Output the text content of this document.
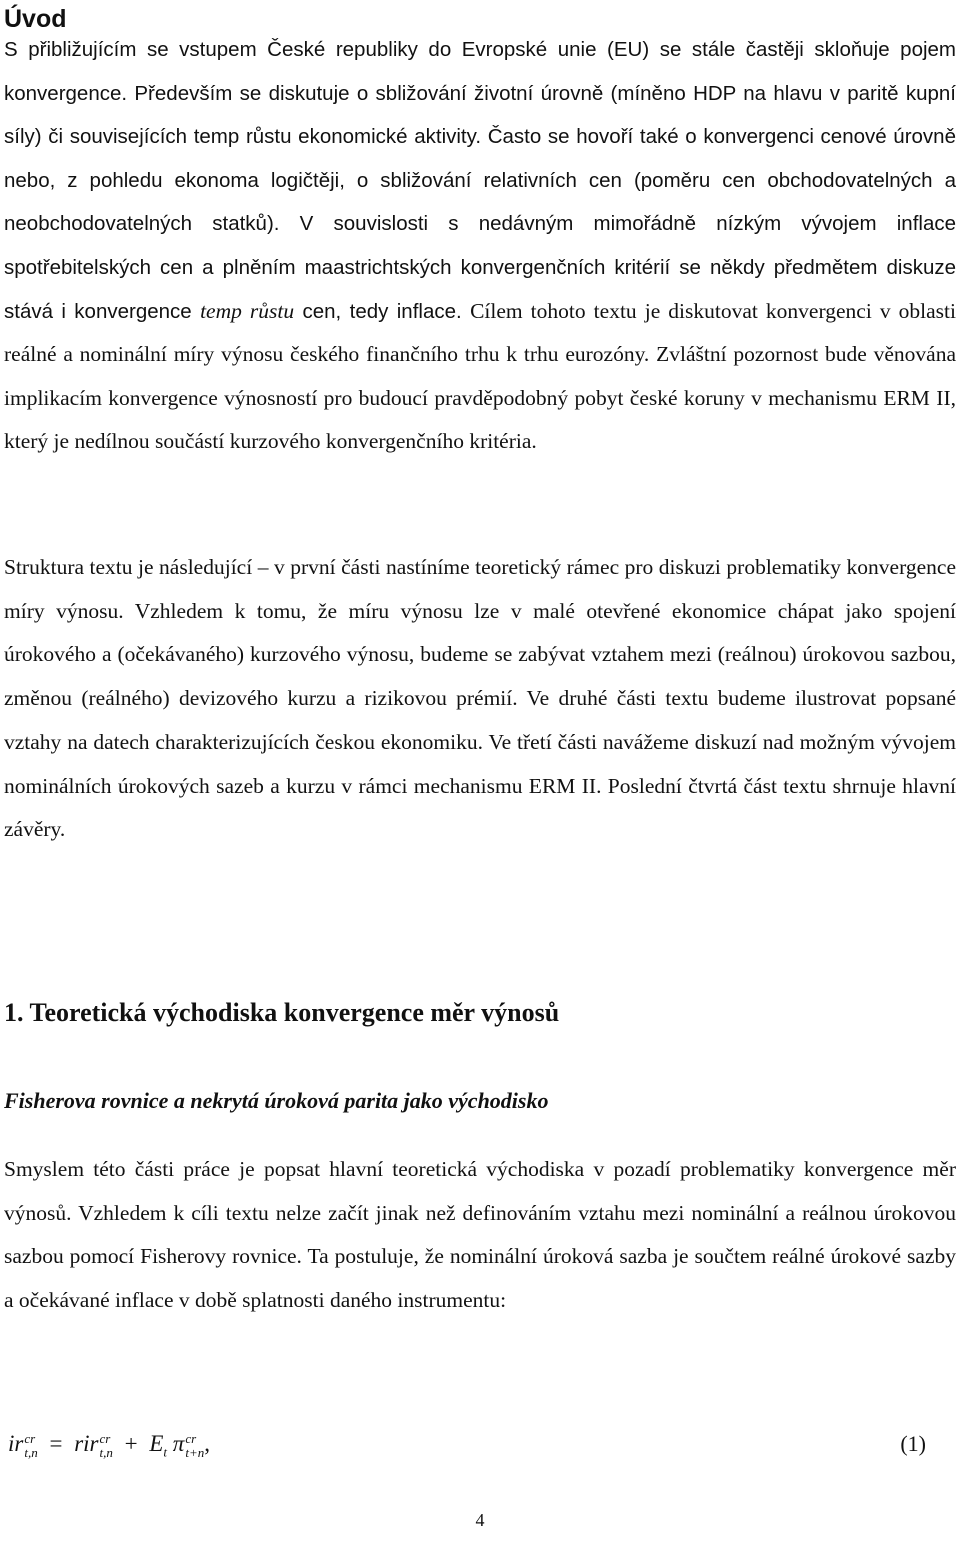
Úvod

S přibližujícím se vstupem České republiky do Evropské unie (EU) se stále častěji skloňuje pojem konvergence. Především se diskutuje o sbližování životní úrovně (míněno HDP na hlavu v paritě kupní síly) či souvisejících temp růstu ekonomické aktivity. Často se hovoří také o konvergenci cenové úrovně nebo, z pohledu ekonoma logičtěji, o sbližování relativních cen (poměru cen obchodovatelných a neobchodovatelných statků). V souvislosti s nedávným mimořádně nízkým vývojem inflace spotřebitelských cen a plněním maastrichtských konvergenčních kritérií se někdy předmětem diskuze stává i konvergence temp růstu cen, tedy inflace. Cílem tohoto textu je diskutovat konvergenci v oblasti reálné a nominální míry výnosu českého finančního trhu k trhu eurozóny. Zvláštní pozornost bude věnována implikacím konvergence výnosností pro budoucí pravděpodobný pobyt české koruny v mechanismu ERM II, který je nedílnou součástí kurzového konvergenčního kritéria.

Struktura textu je následující – v první části nastíníme teoretický rámec pro diskuzi problematiky konvergence míry výnosu. Vzhledem k tomu, že míru výnosu lze v malé otevřené ekonomice chápat jako spojení úrokového a (očekávaného) kurzového výnosu, budeme se zabývat vztahem mezi (reálnou) úrokovou sazbou, změnou (reálného) devizového kurzu a rizikovou prémií. Ve druhé části textu budeme ilustrovat popsané vztahy na datech charakterizujících českou ekonomiku. Ve třetí části navážeme diskuzí nad možným vývojem nominálních úrokových sazeb a kurzu v rámci mechanismu ERM II. Poslední čtvrtá část textu shrnuje hlavní závěry.

1. Teoretická východiska konvergence měr výnosů
Fisherova rovnice a nekrytá úroková parita jako východisko

Smyslem této části práce je popsat hlavní teoretická východiska v pozadí problematiky konvergence měr výnosů. Vzhledem k cíli textu nelze začít jinak než definováním vztahu mezi nominální a reálnou úrokovou sazbou pomocí Fisherovy rovnice. Ta postuluje, že nominální úroková sazba je součtem reálné úrokové sazby a očekávané inflace v době splatnosti daného instrumentu:

ir cr
t,n = rir cr
$t,n + E_t$ π cr
t+n ,	(1)
4
